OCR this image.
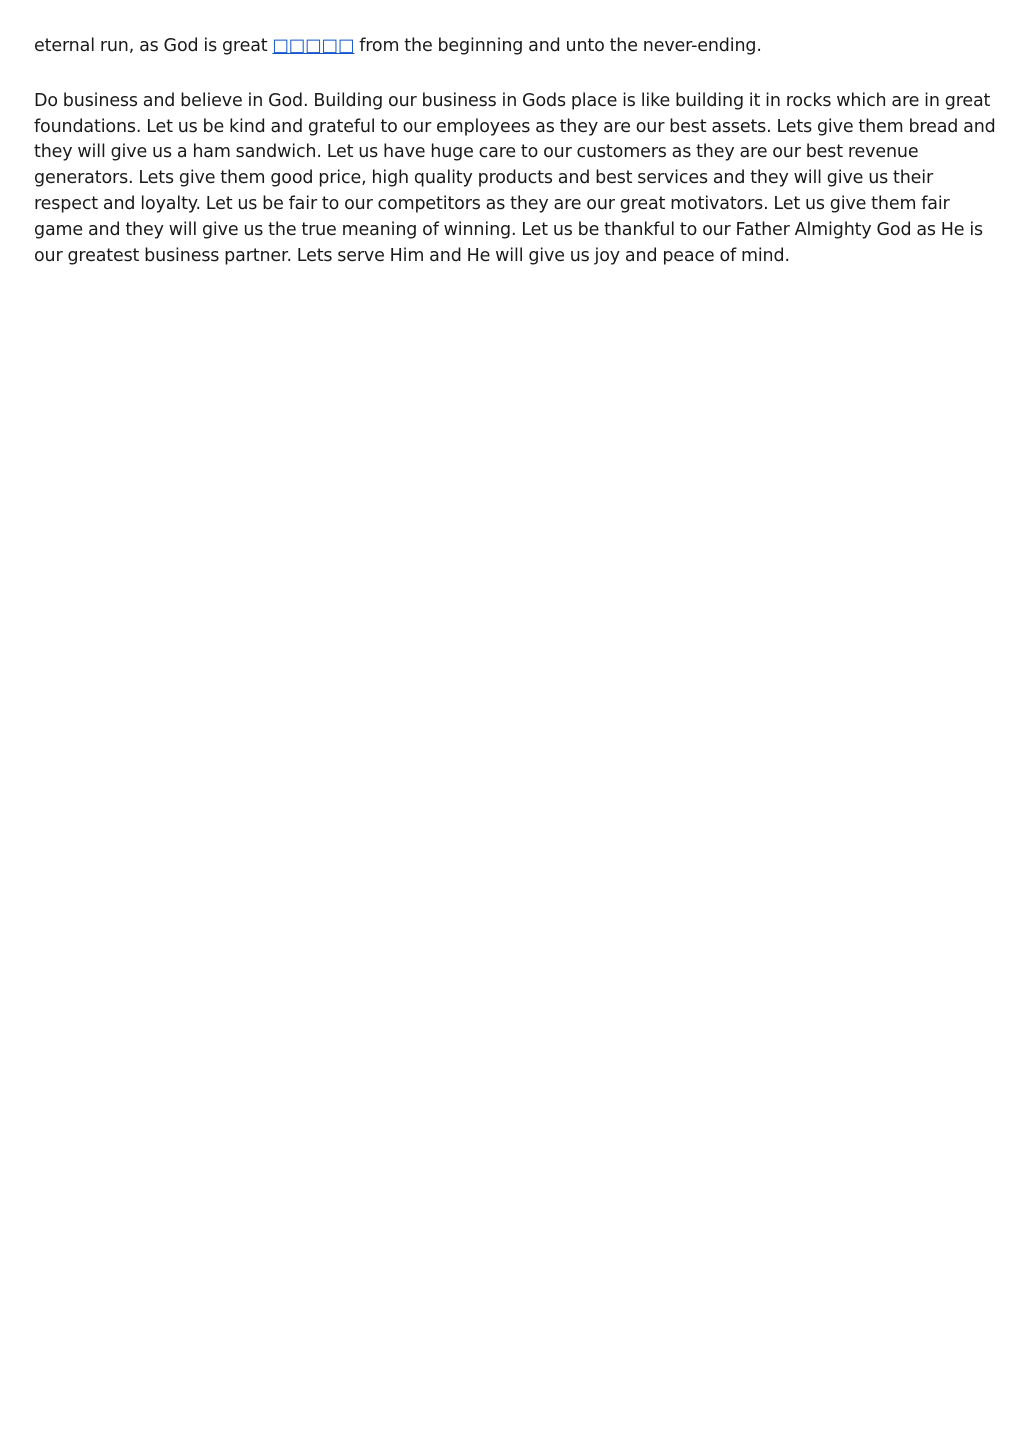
eternal run, as God is great □□□□□ from the beginning and unto the never-ending.

Do business and believe in God. Building our business in Gods place is like building it in rocks which are in great foundations. Let us be kind and grateful to our employees as they are our best assets. Lets give them bread and they will give us a ham sandwich. Let us have huge care to our customers as they are our best revenue generators. Lets give them good price, high quality products and best services and they will give us their respect and loyalty. Let us be fair to our competitors as they are our great motivators. Let us give them fair game and they will give us the true meaning of winning. Let us be thankful to our Father Almighty God as He is our greatest business partner. Lets serve Him and He will give us joy and peace of mind.
